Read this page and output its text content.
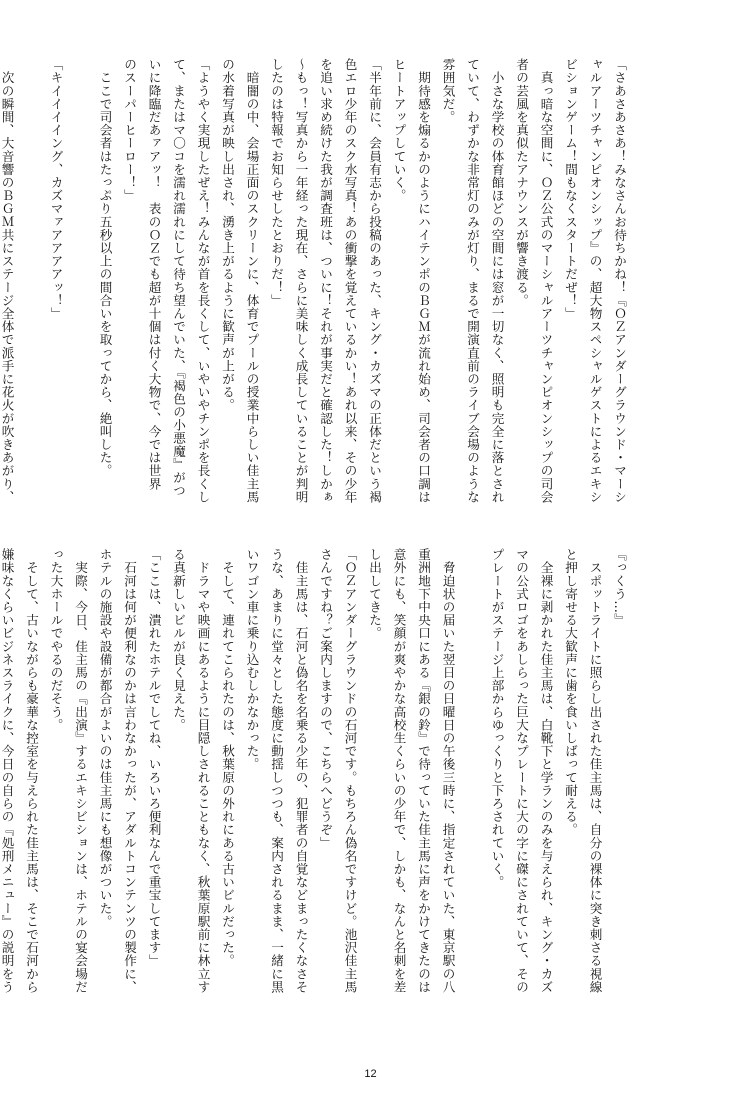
「さあさあさあ！みなさんお待ちかね！『ＯＺアンダーグラウンド・マーシ
ャルアーツチャンピオンシップ』の、超大物スペシャルゲストによるエキシ
ビションゲーム！間もなくスタートだぜ！」
　真っ暗な空間に、ＯＺ公式のマーシャルアーツチャンピオンシップの司会
者の芸風を真似たアナウンスが響き渡る。
　小さな学校の体育館ほどの空間には窓が一切なく、照明も完全に落とされ
ていて、わずかな非常灯のみが灯り、まるで開演直前のライブ会場のような
雰囲気だ。
　期待感を煽るかのようにハイテンポのＢＧＭが流れ始め、司会者の口調は
ヒートアップしていく。
「半年前に、会員有志から投稿のあった、キング・カズマの正体だという褐
色エロ少年のスク水写真！あの衝撃を覚えているかい！あれ以来、その少年
を追い求め続けた我が調査班は、ついに！それが事実だと確認した！しかぁ
〜もっ！写真から一年経った現在、さらに美味しく成長していることが判明
したのは特報でお知らせしたとおりだ！」
　暗闇の中、会場正面のスクリーンに、体育でプールの授業中らしい佳主馬
の水着写真が映し出され、湧き上がるように歓声が上がる。
「ようやく実現したぜえ！みんなが首を長くして、いやいやチンポを長くし
て、またはマ〇コを濡れ濡れにして待ち望んでいた、『褐色の小悪魔』がつ
いに降臨だあァアッ！　表のＯＺでも超が十個は付く大物で、今では世界
のスーパーヒーロー！」
　ここで司会者はたっぷり五秒以上の間合いを取ってから、絶叫した。
「キイイイイング、カズマァアアアアッ！」
　次の瞬間、大音響のＢＧＭ共にステージ全体で派手に花火が吹きあがり、
『っくう…』
　スポットライトに照らし出された佳主馬は、自分の裸体に突き刺さる視線
と押し寄せる大歓声に歯を食いしばって耐える。
　全裸に剥かれた佳主馬は、白靴下と学ランのみを与えられ、キング・カズ
マの公式ロゴをあしらった巨大なプレートに大の字に磔にされていて、その
プレートがステージ上部からゆっくりと下ろされていく。
　脅迫状の届いた翌日の日曜日の午後三時に、指定されていた、東京駅の八
重洲地下中央口にある『銀の鈴』で待っていた佳主馬に声をかけてきたのは
意外にも、笑顔が爽やかな高校生くらいの少年で、しかも、なんと名刺を差
し出してきた。
「ＯＺアンダーグラウンドの石河です。もちろん偽名ですけど。池沢佳主馬
さんですね？ご案内しますので、こちらへどうぞ」
　佳主馬は、石河と偽名を名乗る少年の、犯罪者の自覚などまったくなさそ
うな、あまりに堂々とした態度に動揺しつつも、案内されるまま、一緒に黒
いワゴン車に乗り込むしかなかった。
　そして、連れてこられたのは、秋葉原の外れにある古いビルだった。
　ドラマや映画にあるように目隠しされることもなく、秋葉原駅前に林立す
る真新しいビルが良く見えた。
「ここは、潰れたホテルでしてね、いろいろ便利なんで重宝してます」
　石河は何が便利なのかは言わなかったが、アダルトコンテンツの製作に、
ホテルの施設や設備が都合がよいのは佳主馬にも想像がついた。
　実際、今日、佳主馬の『出演』するエキシビションは、ホテルの宴会場だ
った大ホールでやるのだそう。
　そして、古いながらも豪華な控室を与えられた佳主馬は、そこで石河から
嫌味なくらいビジネスライクに、今日の自らの『処刑メニュー』の説明をう
12
